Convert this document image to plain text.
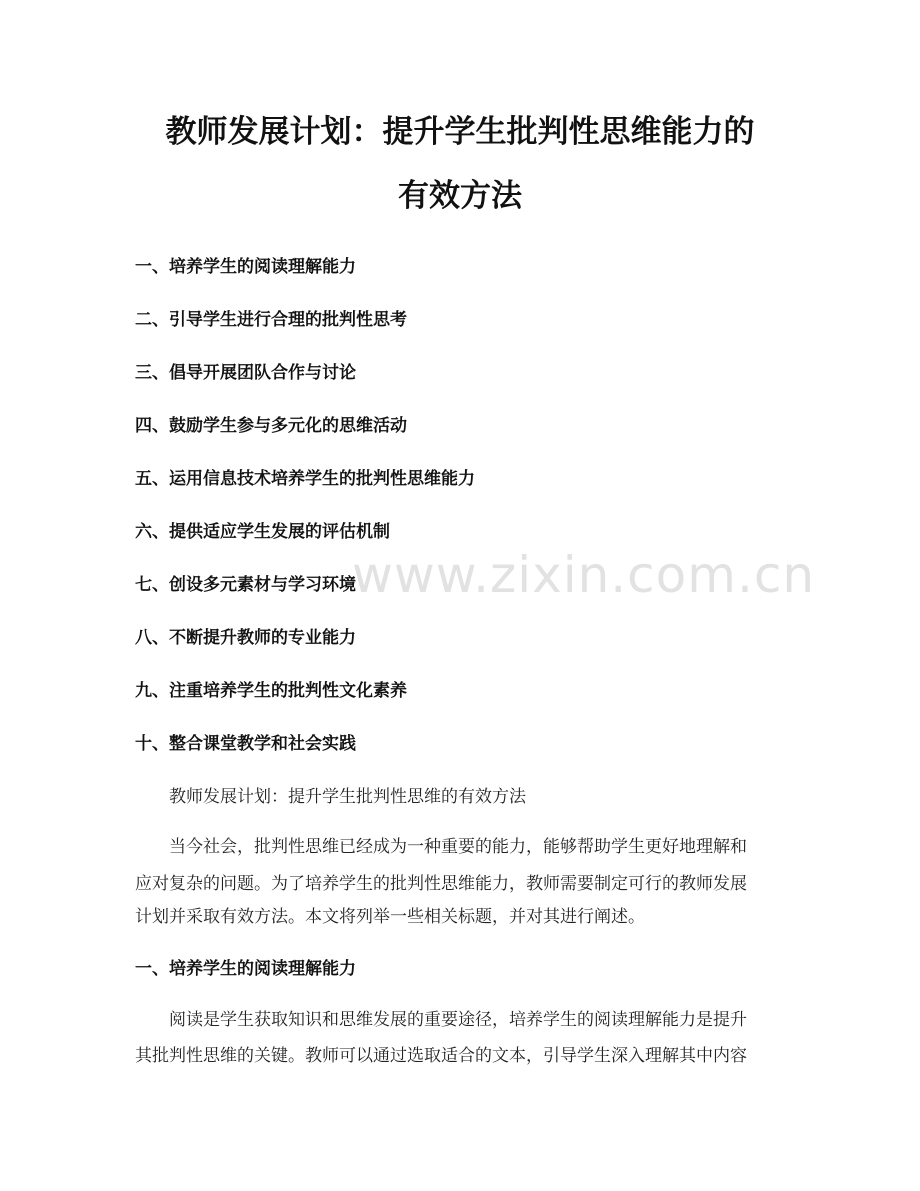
教师发展计划：提升学生批判性思维能力的
有效方法
一、培养学生的阅读理解能力
二、引导学生进行合理的批判性思考
三、倡导开展团队合作与讨论
四、鼓励学生参与多元化的思维活动
五、运用信息技术培养学生的批判性思维能力
六、提供适应学生发展的评估机制
七、创设多元素材与学习环境
八、不断提升教师的专业能力
九、注重培养学生的批判性文化素养
十、整合课堂教学和社会实践
教师发展计划：提升学生批判性思维的有效方法
当今社会，批判性思维已经成为一种重要的能力，能够帮助学生更好地理解和
应对复杂的问题。为了培养学生的批判性思维能力，教师需要制定可行的教师发展
计划并采取有效方法。本文将列举一些相关标题，并对其进行阐述。
一、培养学生的阅读理解能力
阅读是学生获取知识和思维发展的重要途径，培养学生的阅读理解能力是提升
其批判性思维的关键。教师可以通过选取适合的文本，引导学生深入理解其中内容
www.zixin.com.cn
